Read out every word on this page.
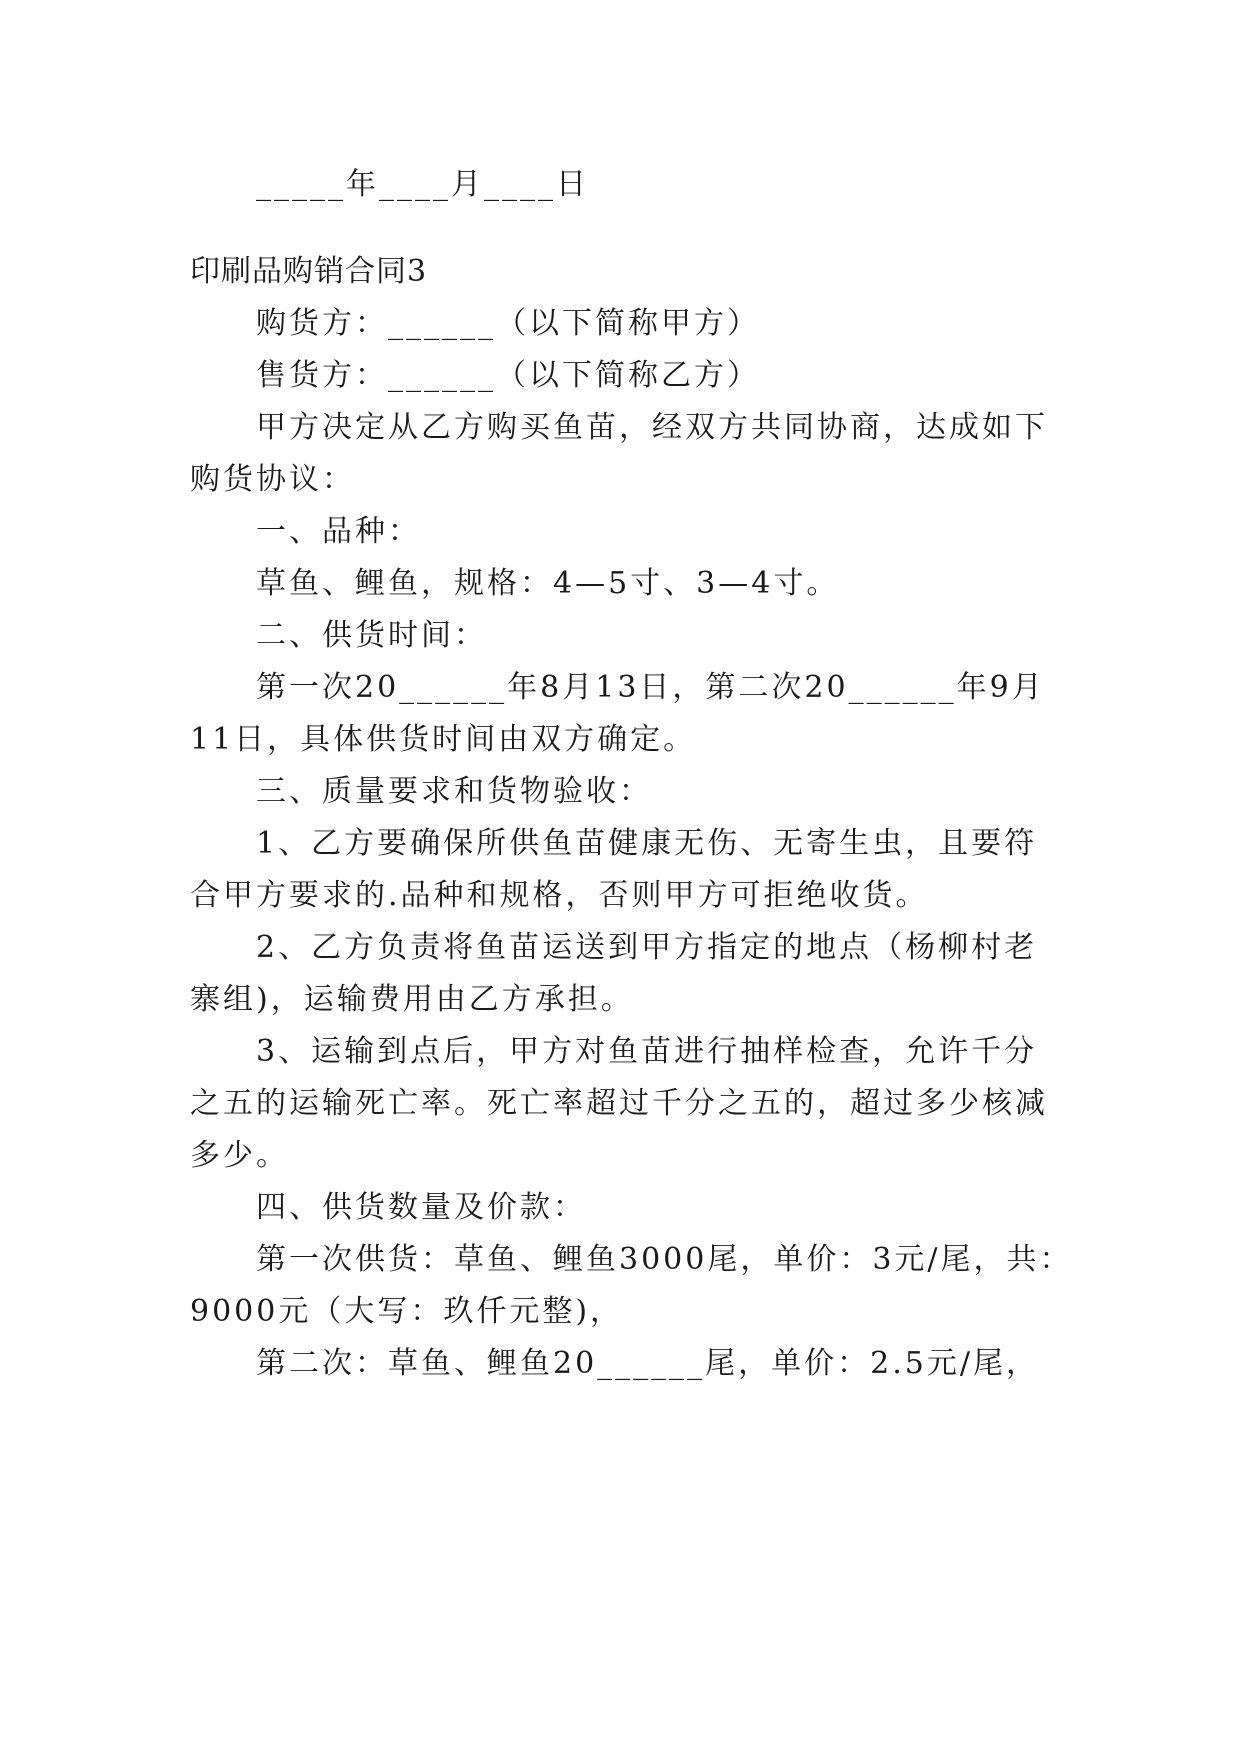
_____年____月____日
印刷品购销合同3
购货方：______（以下简称甲方）
售货方：______（以下简称乙方）
甲方决定从乙方购买鱼苗，经双方共同协商，达成如下
购货协议：
一、品种：
草鱼、鲤鱼，规格：4—5寸、3—4寸。
二、供货时间：
第一次20______年8月13日，第二次20______年9月
11日，具体供货时间由双方确定。
三、质量要求和货物验收：
1、乙方要确保所供鱼苗健康无伤、无寄生虫，且要符
合甲方要求的.品种和规格，否则甲方可拒绝收货。
2、乙方负责将鱼苗运送到甲方指定的地点（杨柳村老
寨组)，运输费用由乙方承担。
3、运输到点后，甲方对鱼苗进行抽样检查，允许千分
之五的运输死亡率。死亡率超过千分之五的，超过多少核减
多少。
四、供货数量及价款：
第一次供货：草鱼、鲤鱼3000尾，单价：3元/尾，共：
9000元（大写：玖仟元整)，
第二次：草鱼、鲤鱼20______尾，单价：2.5元/尾，
